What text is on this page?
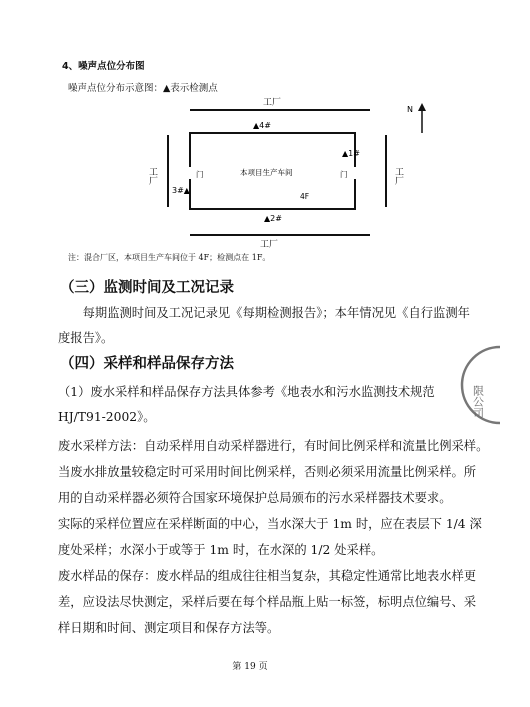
4、噪声点位分布图
噪声点位分布示意图：▲表示检测点
工厂
工厂
工厂	工厂
本项目生产车间
4F
门	门
▲4#
▲1#
▲2#
3#▲
N
注：混合厂区，本项目生产车间位于 4F；检测点在 1F。
（三）监测时间及工况记录
　　每期监测时间及工况记录见《每期检测报告》；本年情况见《自行监测年
度报告》。
（四）采样和样品保存方法
（1）废水采样和样品保存方法具体参考《地表水和污水监测技术规范
HJ/T91-2002》。
废水采样方法：自动采样用自动采样器进行，有时间比例采样和流量比例采样。
当废水排放量较稳定时可采用时间比例采样，否则必须采用流量比例采样。所
用的自动采样器必须符合国家环境保护总局颁布的污水采样器技术要求。
实际的采样位置应在采样断面的中心，当水深大于 1m 时，应在表层下 1/4 深
度处采样；水深小于或等于 1m 时，在水深的 1/2 处采样。
废水样品的保存：废水样品的组成往往相当复杂，其稳定性通常比地表水样更
差，应设法尽快测定，采样后要在每个样品瓶上贴一标签，标明点位编号、采
样日期和时间、测定项目和保存方法等。
第 19 页
限公司
